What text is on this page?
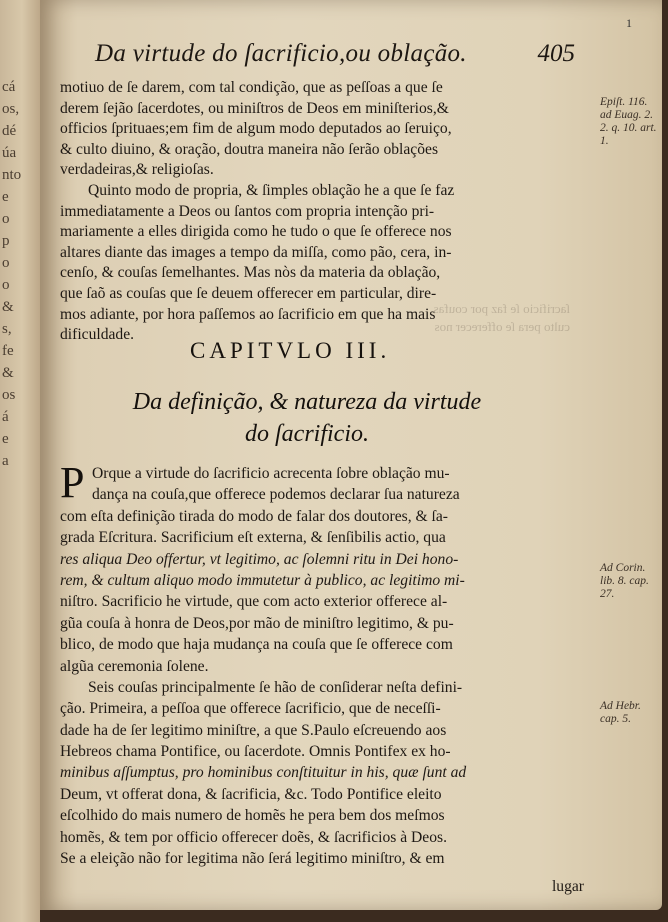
cá
os,
dé
úa
nto
e
o
p
o
o
&
s,
fe
&
os
á
e
a
1
Da virtude do ſacrificio,ou oblação.	405
ſacrificio ſe faz por coufas
culto pera ſe offerecer nos
motiuo de ſe darem, com tal condição, que as peſſoas a que ſe
derem ſejão ſacerdotes, ou miniſtros de Deos em miniſterios,&
officios ſprituaes;em fim de algum modo deputados ao ſeruiço,
& culto diuino, & oração, doutra maneira não ſerão oblações
verdadeiras,& religioſas.
Quinto modo de propria, & ſimples oblação he a que ſe faz
immediatamente a Deos ou ſantos com propria intenção pri-
mariamente a elles dirigida como he tudo o que ſe offerece nos
altares diante das images a tempo da miſſa, como pão, cera, in-
cenſo, & couſas ſemelhantes. Mas nòs da materia da oblação,
que ſaõ as couſas que ſe deuem offerecer em particular, dire-
mos adiante, por hora paſſemos ao ſacrificio em que ha mais
dificuldade.
CAPITVLO III.
Da definição, & natureza da virtude
do ſacrificio.
P Orque a virtude do ſacrificio acrecenta ſobre oblação mu-
dança na couſa,que offerece podemos declarar ſua natureza
com eſta definição tirada do modo de falar dos doutores, & ſa-
grada Eſcritura. Sacrificium eſt externa, & ſenſibilis actio, qua
res aliqua Deo offertur, vt legitimo, ac ſolemni ritu in Dei hono-
rem, & cultum aliquo modo immutetur à publico, ac legitimo mi-
niſtro. Sacrificio he virtude, que com acto exterior offerece al-
gũa couſa à honra de Deos,por mão de miniſtro legitimo, & pu-
blico, de modo que haja mudança na couſa que ſe offerece com
algũa ceremonia ſolene.
Seis couſas principalmente ſe hão de conſiderar neſta defini-
ção. Primeira, a peſſoa que offerece ſacrificio, que de neceſſi-
dade ha de ſer legitimo miniſtre, a que S.Paulo eſcreuendo aos
Hebreos chama Pontifice, ou ſacerdote. Omnis Pontifex ex ho-
minibus aſſumptus, pro hominibus conſtituitur in his, quæ ſunt ad
Deum, vt offerat dona, & ſacrificia, &c. Todo Pontifice eleito
eſcolhido do mais numero de homẽs he pera bem dos meſmos
homẽs, & tem por officio offerecer doẽs, & ſacrificios à Deos.
Se a eleição não for legitima não ſerá legitimo miniſtro, & em
lugar
Epiſt. 116. ad Euag. 2. 2. q. 10. art. 1.
Ad Corin. lib. 8. cap. 27.
Ad Hebr. cap. 5.
